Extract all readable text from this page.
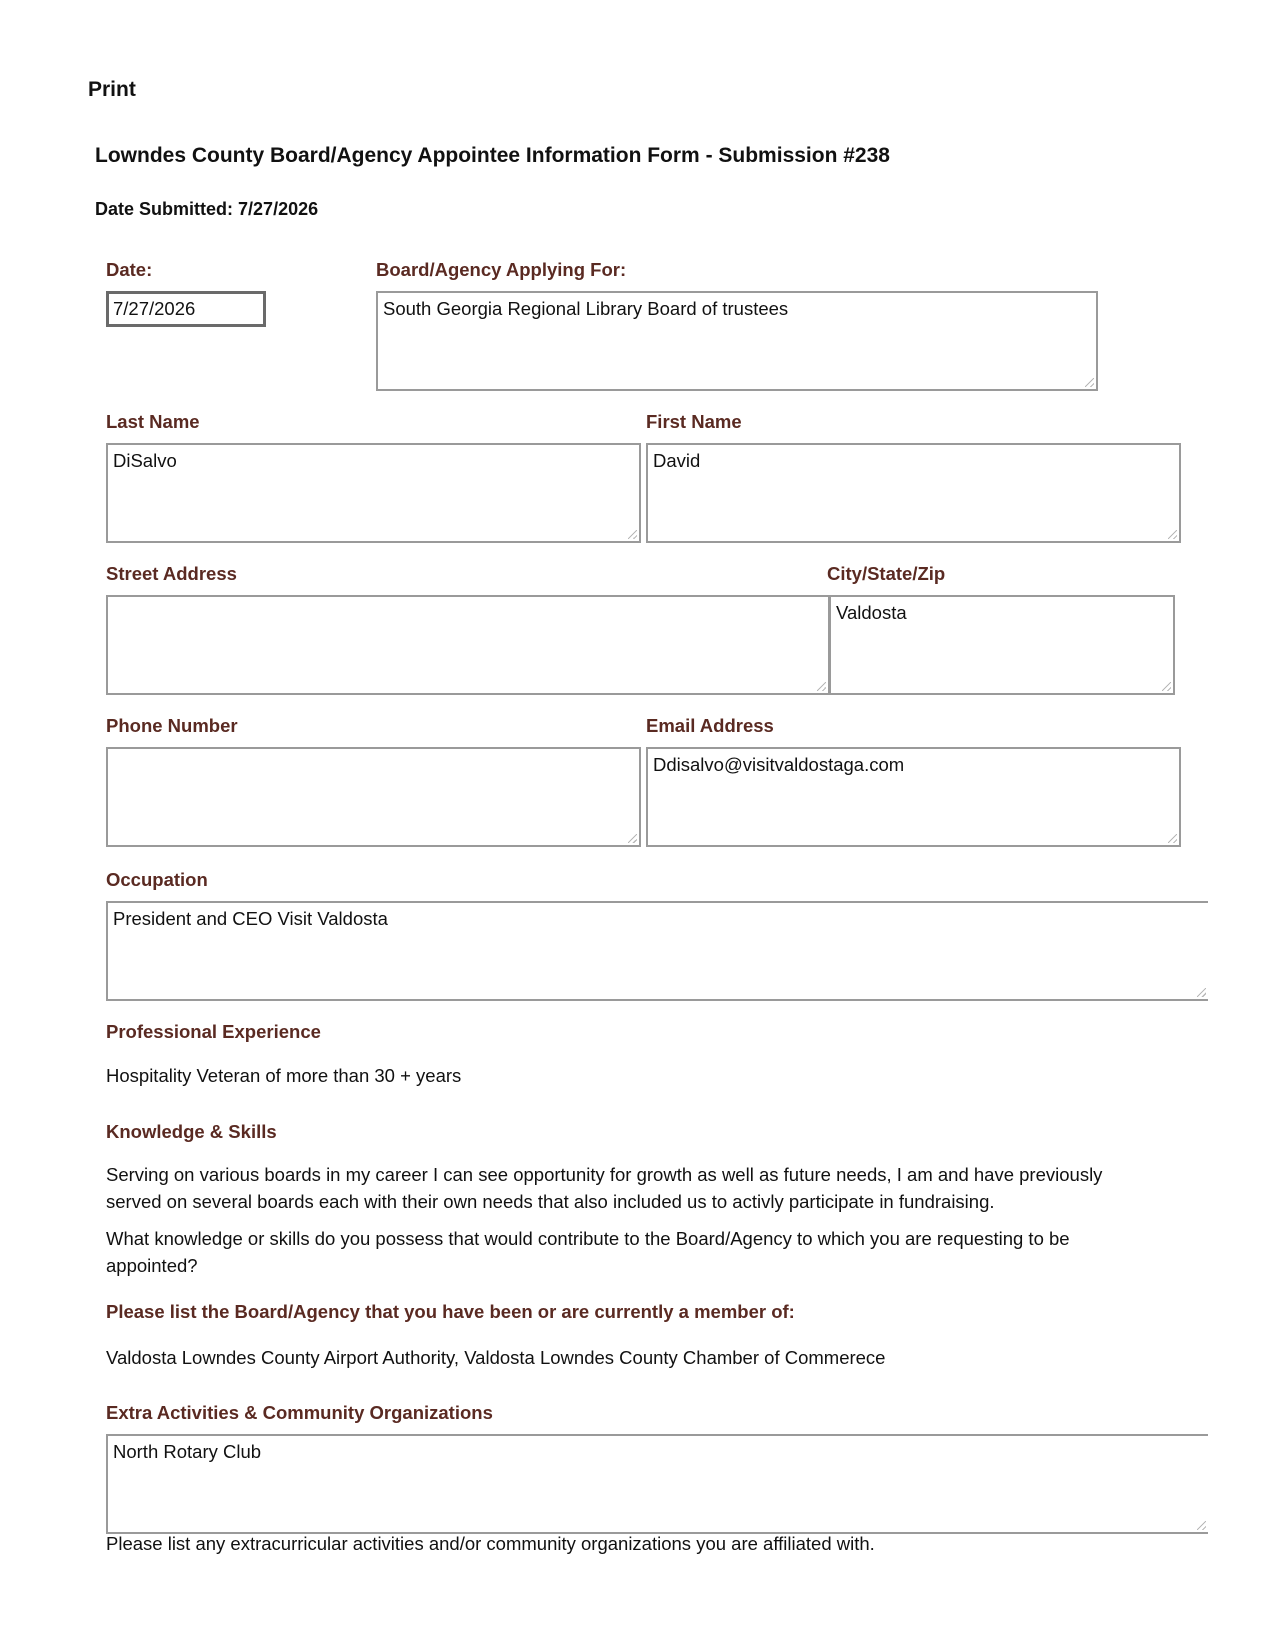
Print
Lowndes County Board/Agency Appointee Information Form - Submission #238
Date Submitted: 7/27/2026
Date:
7/27/2026
Board/Agency Applying For:
South Georgia Regional Library Board of trustees
Last Name
DiSalvo
First Name
David
Street Address	City/State/Zip
Valdosta
Phone Number	Email Address
Ddisalvo@visitvaldostaga.com
Occupation
President and CEO Visit Valdosta
Professional Experience
Hospitality Veteran of more than 30 + years
Knowledge & Skills
Serving on various boards in my career I can see opportunity for growth as well as future needs, I am and have previously
served on several boards each with their own needs that also included us to activly participate in fundraising.
What knowledge or skills do you possess that would contribute to the Board/Agency to which you are requesting to be
appointed?
Please list the Board/Agency that you have been or are currently a member of:
Valdosta Lowndes County Airport Authority, Valdosta Lowndes County Chamber of Commerece
Extra Activities & Community Organizations
North Rotary Club
Please list any extracurricular activities and/or community organizations you are affiliated with.
